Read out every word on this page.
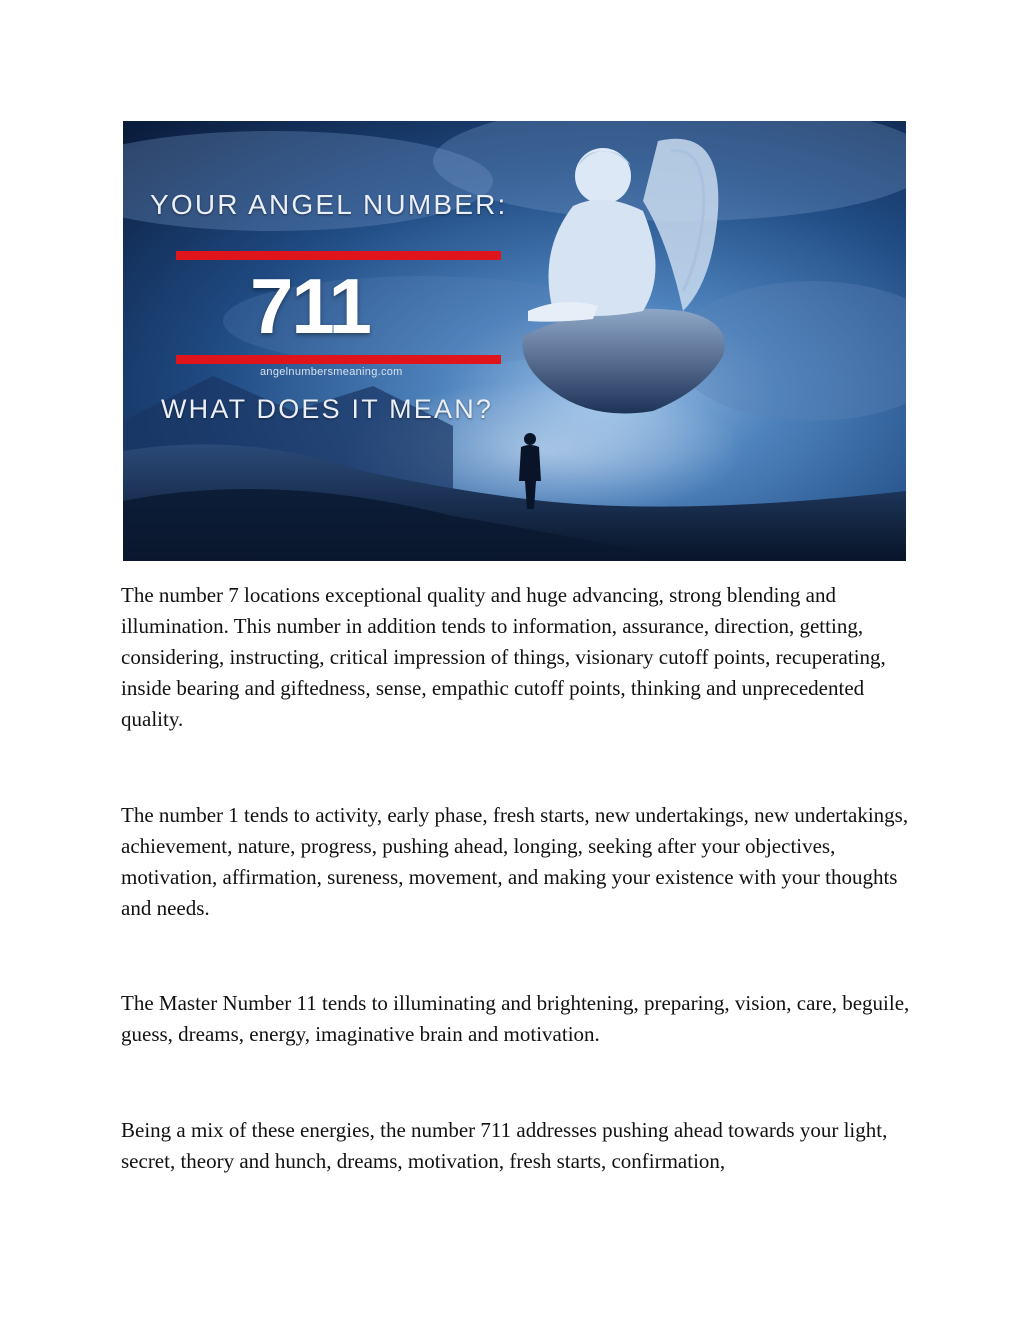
YOUR ANGEL NUMBER:
711
angelnumbersmeaning.com
WHAT DOES IT MEAN?

The number 7 locations exceptional quality and huge advancing, strong blending and illumination. This number in addition tends to information, assurance, direction, getting, considering, instructing, critical impression of things, visionary cutoff points, recuperating, inside bearing and giftedness, sense, empathic cutoff points, thinking and unprecedented quality.

The number 1 tends to activity, early phase, fresh starts, new undertakings, new undertakings, achievement, nature, progress, pushing ahead, longing, seeking after your objectives, motivation, affirmation, sureness, movement, and making your existence with your thoughts and needs.

The Master Number 11 tends to illuminating and brightening, preparing, vision, care, beguile, guess, dreams, energy, imaginative brain and motivation.

Being a mix of these energies, the number 711 addresses pushing ahead towards your light, secret, theory and hunch, dreams, motivation, fresh starts, confirmation,
